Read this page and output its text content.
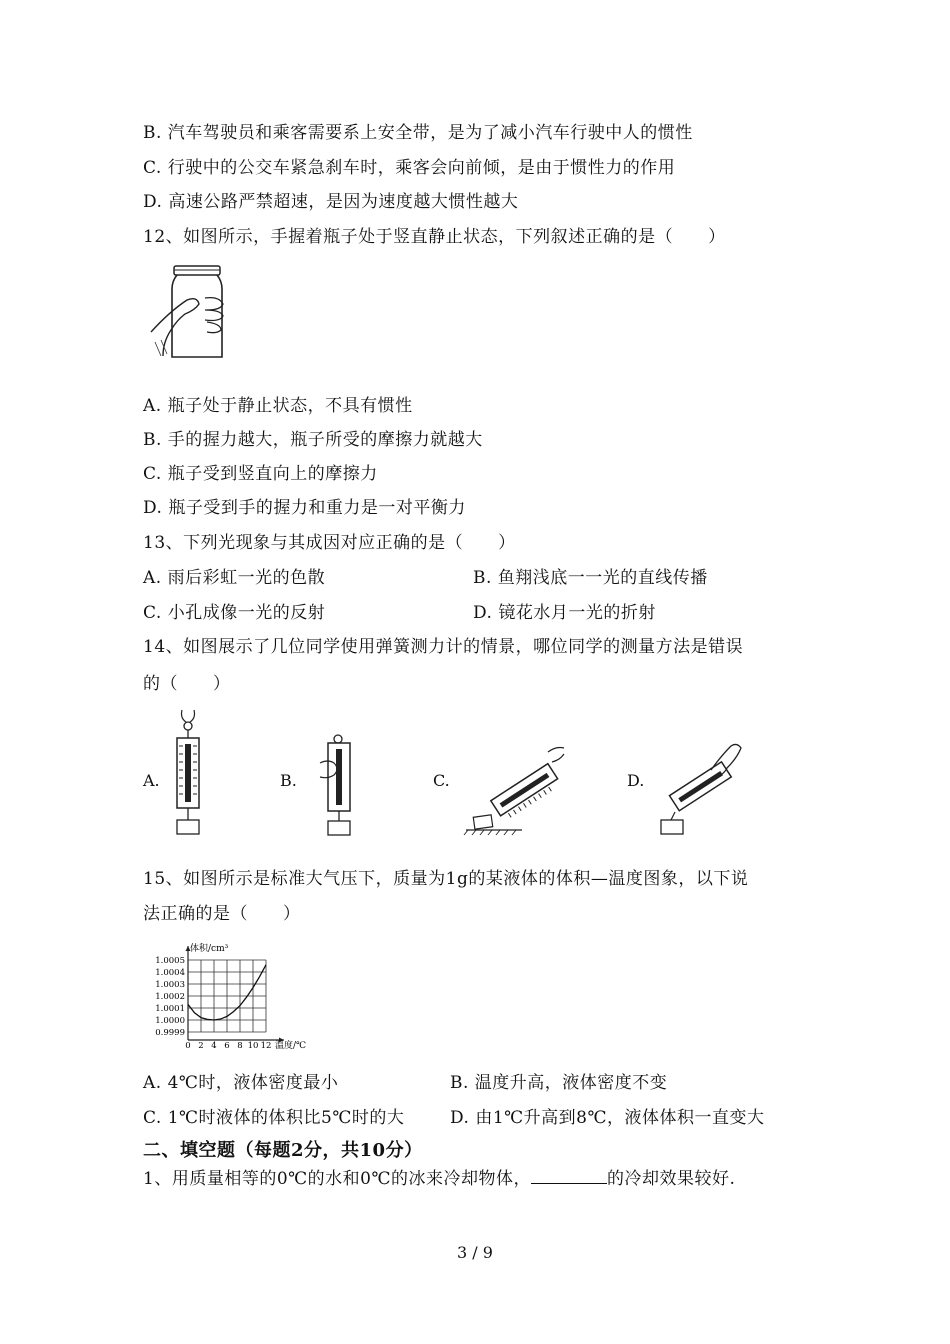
B. 汽车驾驶员和乘客需要系上安全带，是为了减小汽车行驶中人的惯性
C. 行驶中的公交车紧急刹车时，乘客会向前倾，是由于惯性力的作用
D. 高速公路严禁超速，是因为速度越大惯性越大
12、如图所示，手握着瓶子处于竖直静止状态，下列叙述正确的是（　　）
A. 瓶子处于静止状态，不具有惯性
B. 手的握力越大，瓶子所受的摩擦力就越大
C. 瓶子受到竖直向上的摩擦力
D. 瓶子受到手的握力和重力是一对平衡力
13、下列光现象与其成因对应正确的是（　　）
A. 雨后彩虹一光的色散	B. 鱼翔浅底一一光的直线传播
C. 小孔成像一光的反射	D. 镜花水月一光的折射
14、如图展示了几位同学使用弹簧测力计的情景，哪位同学的测量方法是错误
的（　　）
A.	B.	C.	D.
15、如图所示是标准大气压下，质量为1g的某液体的体积—温度图象，以下说
法正确的是（　　）
0.9999
1.0000
1.0001
1.0002
1.0003
1.0004
1.0005
0 2 4 6 8 10 12
体积/cm³
温度/℃
A. 4℃时，液体密度最小	B. 温度升高，液体密度不变
C. 1℃时液体的体积比5℃时的大	D. 由1℃升高到8℃，液体体积一直变大
二、填空题（每题2分，共10分）
1、用质量相等的0℃的水和0℃的冰来冷却物体，	的冷却效果较好.
3 / 9
